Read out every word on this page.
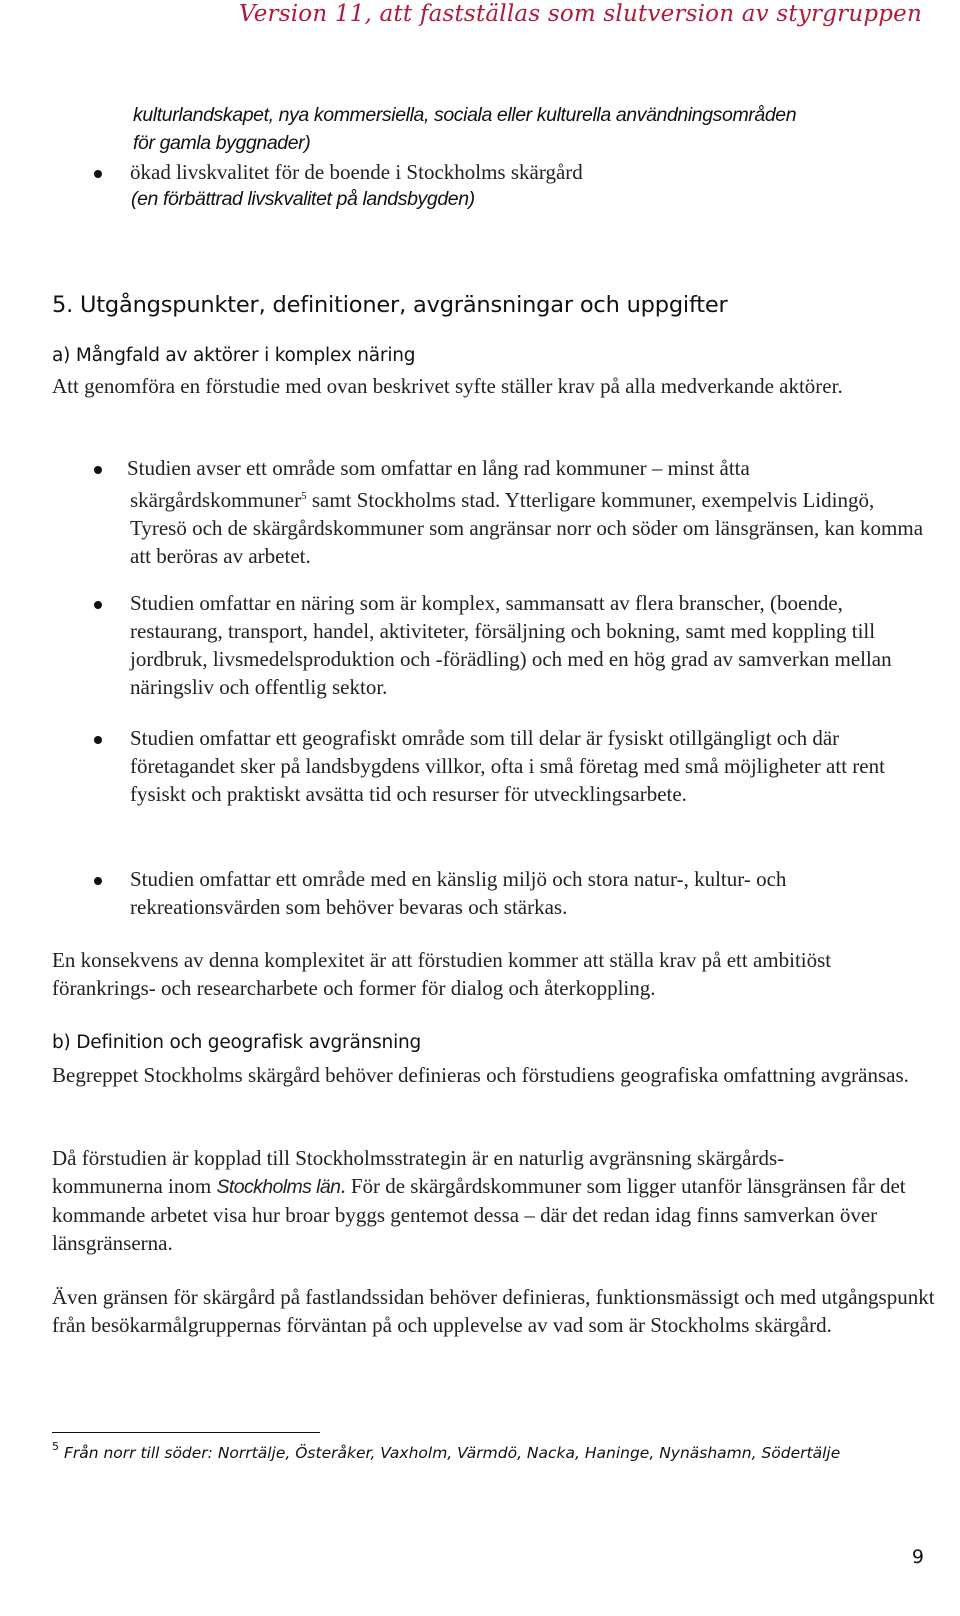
Version 11, att fastställas som slutversion av styrgruppen
kulturlandskapet, nya kommersiella, sociala eller kulturella användningsområden
för gamla byggnader)
ökad livskvalitet för de boende i Stockholms skärgård
(en förbättrad livskvalitet på landsbygden)
5. Utgångspunkter, definitioner, avgränsningar och uppgifter
a) Mångfald av aktörer i komplex näring
Att genomföra en förstudie med ovan beskrivet syfte ställer krav på alla medverkande aktörer.
Studien avser ett område som omfattar en lång rad kommuner – minst åtta
skärgårdskommuner$^5$ samt Stockholms stad. Ytterligare kommuner, exempelvis Lidingö, Tyresö och de skärgårdskommuner som angränsar norr och söder om länsgränsen, kan komma att beröras av arbetet.
Studien omfattar en näring som är komplex, sammansatt av flera branscher, (boende, restaurang, transport, handel, aktiviteter, försäljning och bokning, samt med koppling till jordbruk, livsmedelsproduktion och -förädling) och med en hög grad av samverkan mellan näringsliv och offentlig sektor.
Studien omfattar ett geografiskt område som till delar är fysiskt otillgängligt och där företagandet sker på landsbygdens villkor, ofta i små företag med små möjligheter att rent fysiskt och praktiskt avsätta tid och resurser för utvecklingsarbete.
Studien omfattar ett område med en känslig miljö och stora natur-, kultur- och rekreationsvärden som behöver bevaras och stärkas.
En konsekvens av denna komplexitet är att förstudien kommer att ställa krav på ett ambitiöst förankrings- och researcharbete och former för dialog och återkoppling.
b) Definition och geografisk avgränsning
Begreppet Stockholms skärgård behöver definieras och förstudiens geografiska omfattning avgränsas.
Då förstudien är kopplad till Stockholmsstrategin är en naturlig avgränsning skärgårds-
kommunerna inom Stockholms län. För de skärgårdskommuner som ligger utanför länsgränsen får det kommande arbetet visa hur broar byggs gentemot dessa – där det redan idag finns samverkan över länsgränserna.
Även gränsen för skärgård på fastlandssidan behöver definieras, funktionsmässigt och med utgångspunkt från besökarmålgruppernas förväntan på och upplevelse av vad som är Stockholms skärgård.
$^5$ Från norr till söder: Norrtälje, Österåker, Vaxholm, Värmdö, Nacka, Haninge, Nynäshamn, Södertälje
9
